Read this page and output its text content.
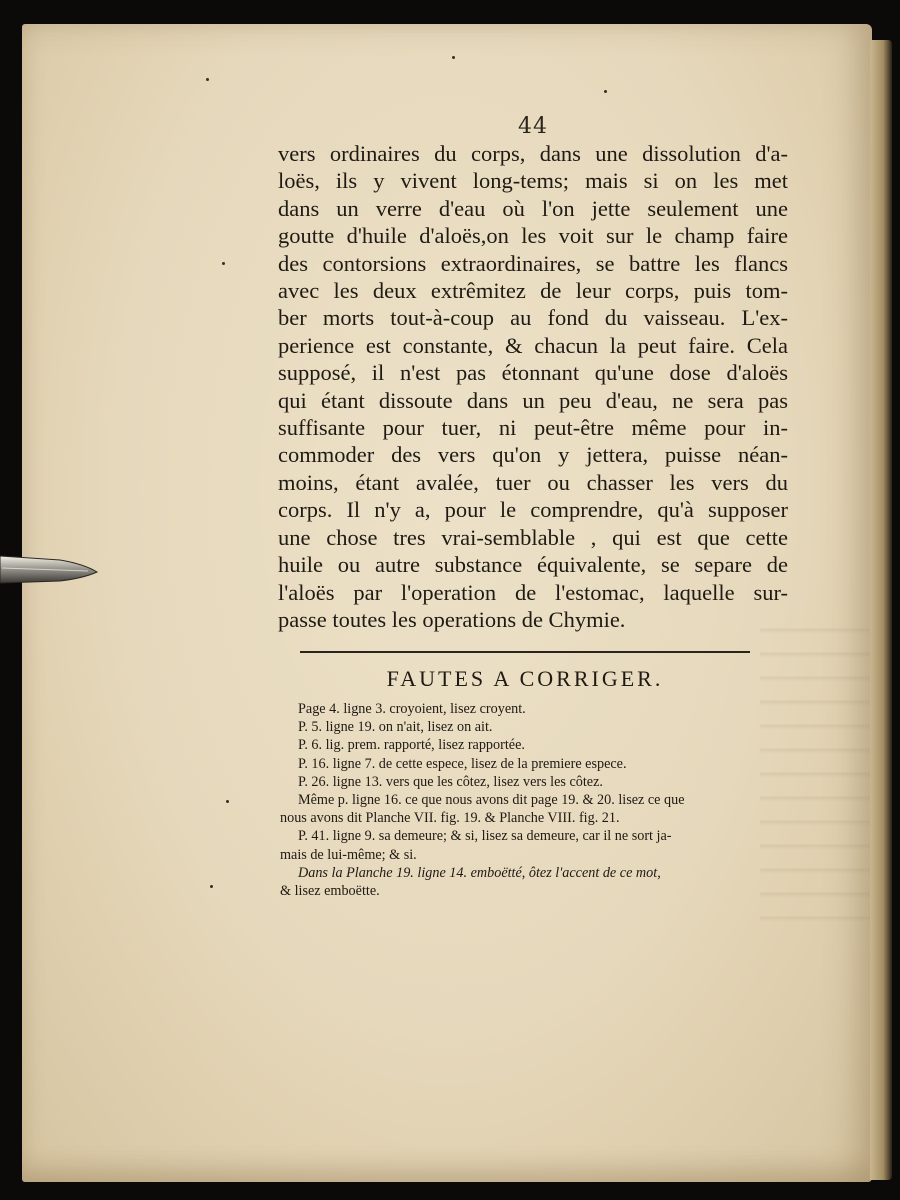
44
vers ordinaires du corps, dans une dissolution d'a-
loës, ils y vivent long-tems; mais si on les met
dans un verre d'eau où l'on jette seulement une
goutte d'huile d'aloës,on les voit sur le champ faire
des contorsions extraordinaires, se battre les flancs
avec les deux extrêmitez de leur corps, puis tom-
ber morts tout-à-coup au fond du vaisseau. L'ex-
perience est constante, & chacun la peut faire. Cela
supposé, il n'est pas étonnant qu'une dose d'aloës
qui étant dissoute dans un peu d'eau, ne sera pas
suffisante pour tuer, ni peut-être même pour in-
commoder des vers qu'on y jettera, puisse néan-
moins, étant avalée, tuer ou chasser les vers du
corps. Il n'y a, pour le comprendre, qu'à supposer
une chose tres vrai-semblable , qui est que cette
huile ou autre substance équivalente, se separe de
l'aloës par l'operation de l'estomac, laquelle sur-
passe toutes les operations de Chymie.
FAUTES A CORRIGER.
Page 4. ligne 3. croyoient, lisez croyent.
P. 5. ligne 19. on n'ait, lisez on ait.
P. 6. lig. prem. rapporté, lisez rapportée.
P. 16. ligne 7. de cette espece, lisez de la premiere espece.
P. 26. ligne 13. vers que les côtez, lisez vers les côtez.
Même p. ligne 16. ce que nous avons dit page 19. & 20. lisez ce que
nous avons dit Planche VII. fig. 19. & Planche VIII. fig. 21.
P. 41. ligne 9. sa demeure; & si, lisez sa demeure, car il ne sort ja-
mais de lui-même; & si.
Dans la Planche 19. ligne 14. emboëtté, ôtez l'accent de ce mot,
& lisez emboëtte.
